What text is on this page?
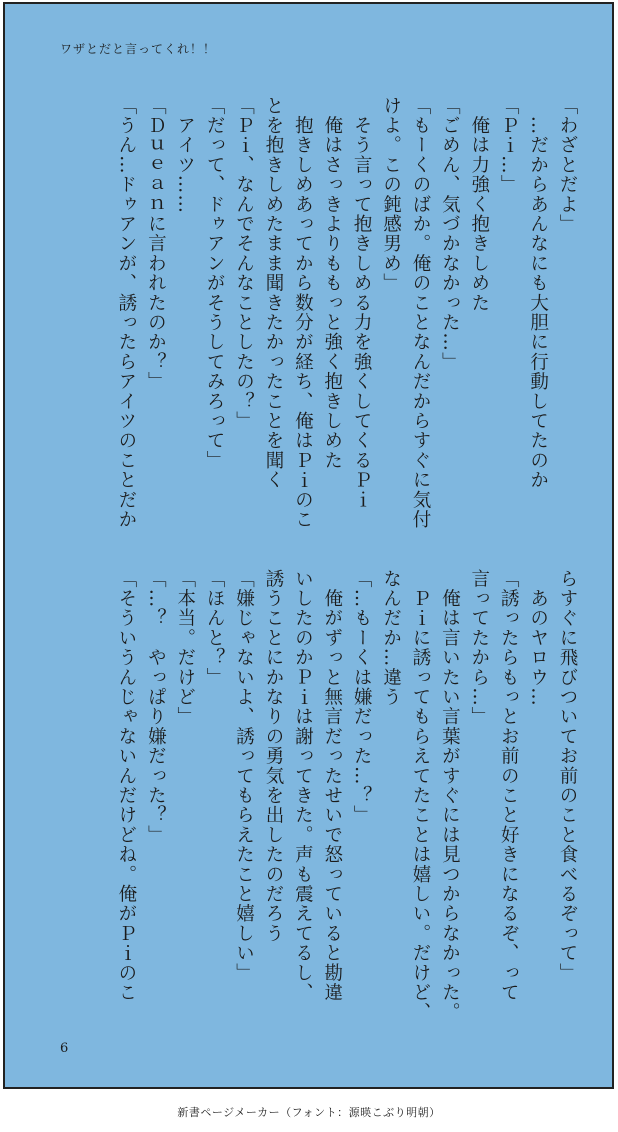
ワザとだと言ってくれ！！
「わざとだよ」
　…だからあんなにも大胆に行動してたのか
「Ｐｉ…」
　俺は力強く抱きしめた
「ごめん、気づかなかった…」
「もーくのばか。俺のことなんだからすぐに気付
けよ。この鈍感男め」
　そう言って抱きしめる力を強くしてくるＰｉ
　俺はさっきよりももっと強く抱きしめた
　抱きしめあってから数分が経ち、俺はＰｉのこ
とを抱きしめたまま聞きたかったことを聞く
「Ｐｉ、なんでそんなことしたの？」
「だって、ドゥアンがそうしてみろって」
　アイツ……
「Ｄｕｅａｎに言われたのか？」
「うん…ドゥアンが、誘ったらアイツのことだか
らすぐに飛びついてお前のこと食べるぞって」
　あのヤロウ…
「誘ったらもっとお前のこと好きになるぞ、って
言ってたから…」
　俺は言いたい言葉がすぐには見つからなかった。
　Ｐｉに誘ってもらえてたことは嬉しい。だけど、
なんだか…違う
「…もーくは嫌だった…？」
　俺がずっと無言だったせいで怒っていると勘違
いしたのかＰｉは謝ってきた。声も震えてるし、
誘うことにかなりの勇気を出したのだろう
「嫌じゃないよ、誘ってもらえたこと嬉しい」
「ほんと？」
「本当。だけど」
「…？　やっぱり嫌だった？」
「そういうんじゃないんだけどね。俺がＰｉのこ
6
新書ページメーカー（フォント：源暎こぶり明朝）
